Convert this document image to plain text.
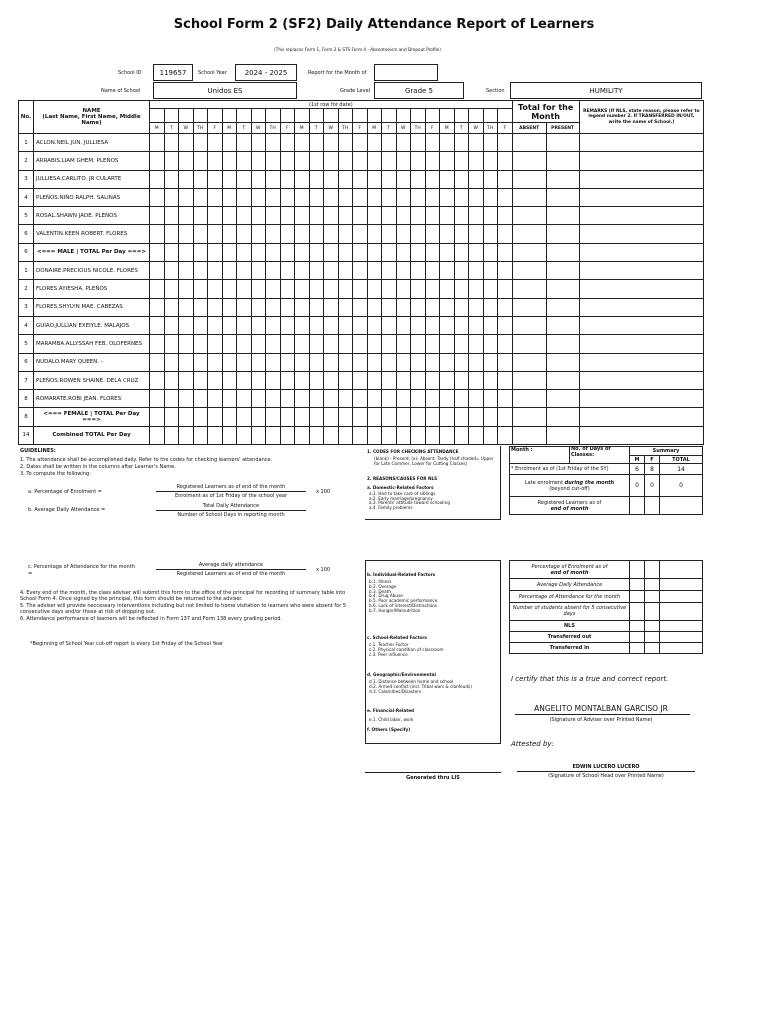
School Form 2 (SF2) Daily Attendance Report of Learners
(This replaces Form 1, Form 2 & STS Form 4 - Absenteeism and Dropout Profile)
School ID	119657	School Year	2024 - 2025	Report for the Month of
Name of School	Unidos ES	Grade Level	Grade 5	Section	HUMILITY
No.	NAME
(Last Name, First Name, Middle Name)	(1st row for date)																									Total for the Month		REMARKS (If NLS, state reason, please refer to legend number 2. If TRANSFERRED IN/OUT, write the name of School.)

		M	T	W	TH	F	M	T	W	TH	F	M	T	W	TH	F	M	T	W	TH	F	M	T	W	TH	F	ABSENT	PRESENT	
1	ACLON.NEIL JUN. JULLIESA																												
2	ARRABIS.LIAM GHEM. PLEÑOS																												
3	JULLIESA.CARLITO. JR CULARTE																												
4	PLEÑOS.NIÑO RALPH. SALINAS																												
5	ROSAL.SHAWN JADE. PLEÑOS																												
6	VALENTIN.KEEN ROBERT. FLORES																												
6	<=== MALE | TOTAL Per Day ===>																												
1	DONAIRE.PRECIOUS NICOLE. FLORES																												
2	FLORES.AYIESHA. PLEÑOS																												
3	FLORES.SHYLYN MAE. CABEZAS																												
4	GUIAO.JULLIAN EXEIYLE. MALAJOS																												
5	MARAMBA.ALLYSSAH FEB. OLOFERNES																												
6	NUDALO.MARY QUEEN. -																												
7	PLEÑOS.ROWEN SHAINE. DELA CRUZ																												
8	ROMARATE.ROBI JEAN. FLORES																												
8	<=== FEMALE | TOTAL Per Day ===>																												
14	Combined TOTAL Per Day																												
GUIDELINES:
1. The attendance shall be accomplished daily. Refer to the codes for checking learners' attendance.
2. Dates shall be written in the columns after Learner's Name.
3. To compute the following:
a. Percentage of Enrolment =
Registered Learners as of end of the month
Enrolment as of 1st Friday of the school year
x 100
b. Average Daily Attendance =
Total Daily Attendance
Number of School Days in reporting month
c. Percentage of Attendance for the month
=
Average daily attendance
Registered Learners as of end of the month
x 100
4. Every end of the month, the class adviser will submit this form to the office of the principal for recording of summary table into School Form 4. Once signed by the principal, this form should be returned to the adviser.
5. The adviser will provide neccessary interventions including but not limited to home visitation to learners who were absent for 5 consecutive days and/or those at risk of dropping out.
6. Attendance performance of learners will be reflected in Form 137 and Form 138 every grading period.
*Beginning of School Year cut-off report is every 1st Friday of the School Year
1. CODES FOR CHECKING ATTENDANCE
(blank) - Present; (x)- Absent; Tardy (half shaded= Upper for Late Commer, Lower for Cutting Classes)
2. REASONS/CAUSES FOR NLS
a. Domestic-Related Factors
a.1. Had to take care of siblings
a.2. Early marriage/pregnancy
a.3. Parents' attitude toward schooling
a.4. Family problems
b. Individual-Related Factors
b.1. Illness
b.2. Overage
b.3. Death
b.4. Drug Abuse
b.5. Poor academic performance
b.6. Lack of interest/Distractions
b.7. Hunger/Malnutrition
c. School-Related Factors
c.1. Teacher Factor
c.2. Physical condition of classroom
c.3. Peer influence
d. Geographic/Environmental
d.1. Distance between home and school
d.2. Armed conflict (incl. Tribal wars & clanfeuds)
d.3. Calamities/Disasters
e. Financial-Related
e.1. Child labor, work
f. Others (Specify)
Generated thru LIS
Month :	No. of Days of Classes:	Summary		
		M	F	TOTAL
* Enrolment as of (1st Friday of the SY)		6	8	14
Late enrolment during the month
(beyond cut-off)		0	0	0
Registered Learners as of
end of month				
Percentage of Enrolment as of
end of month			
Average Daily Attendance			
Percentage of Attendance for the month			
Number of students absent for 5 consecutive days			
NLS			
Transferred out			
Transferred in			
I certify that this is a true and correct report.
ANGELITO MONTALBAN GARCISO JR
(Signature of Adviser over Printed Name)
Attested by:
EDWIN LUCERO LUCERO
(Signature of School Head over Printed Name)
